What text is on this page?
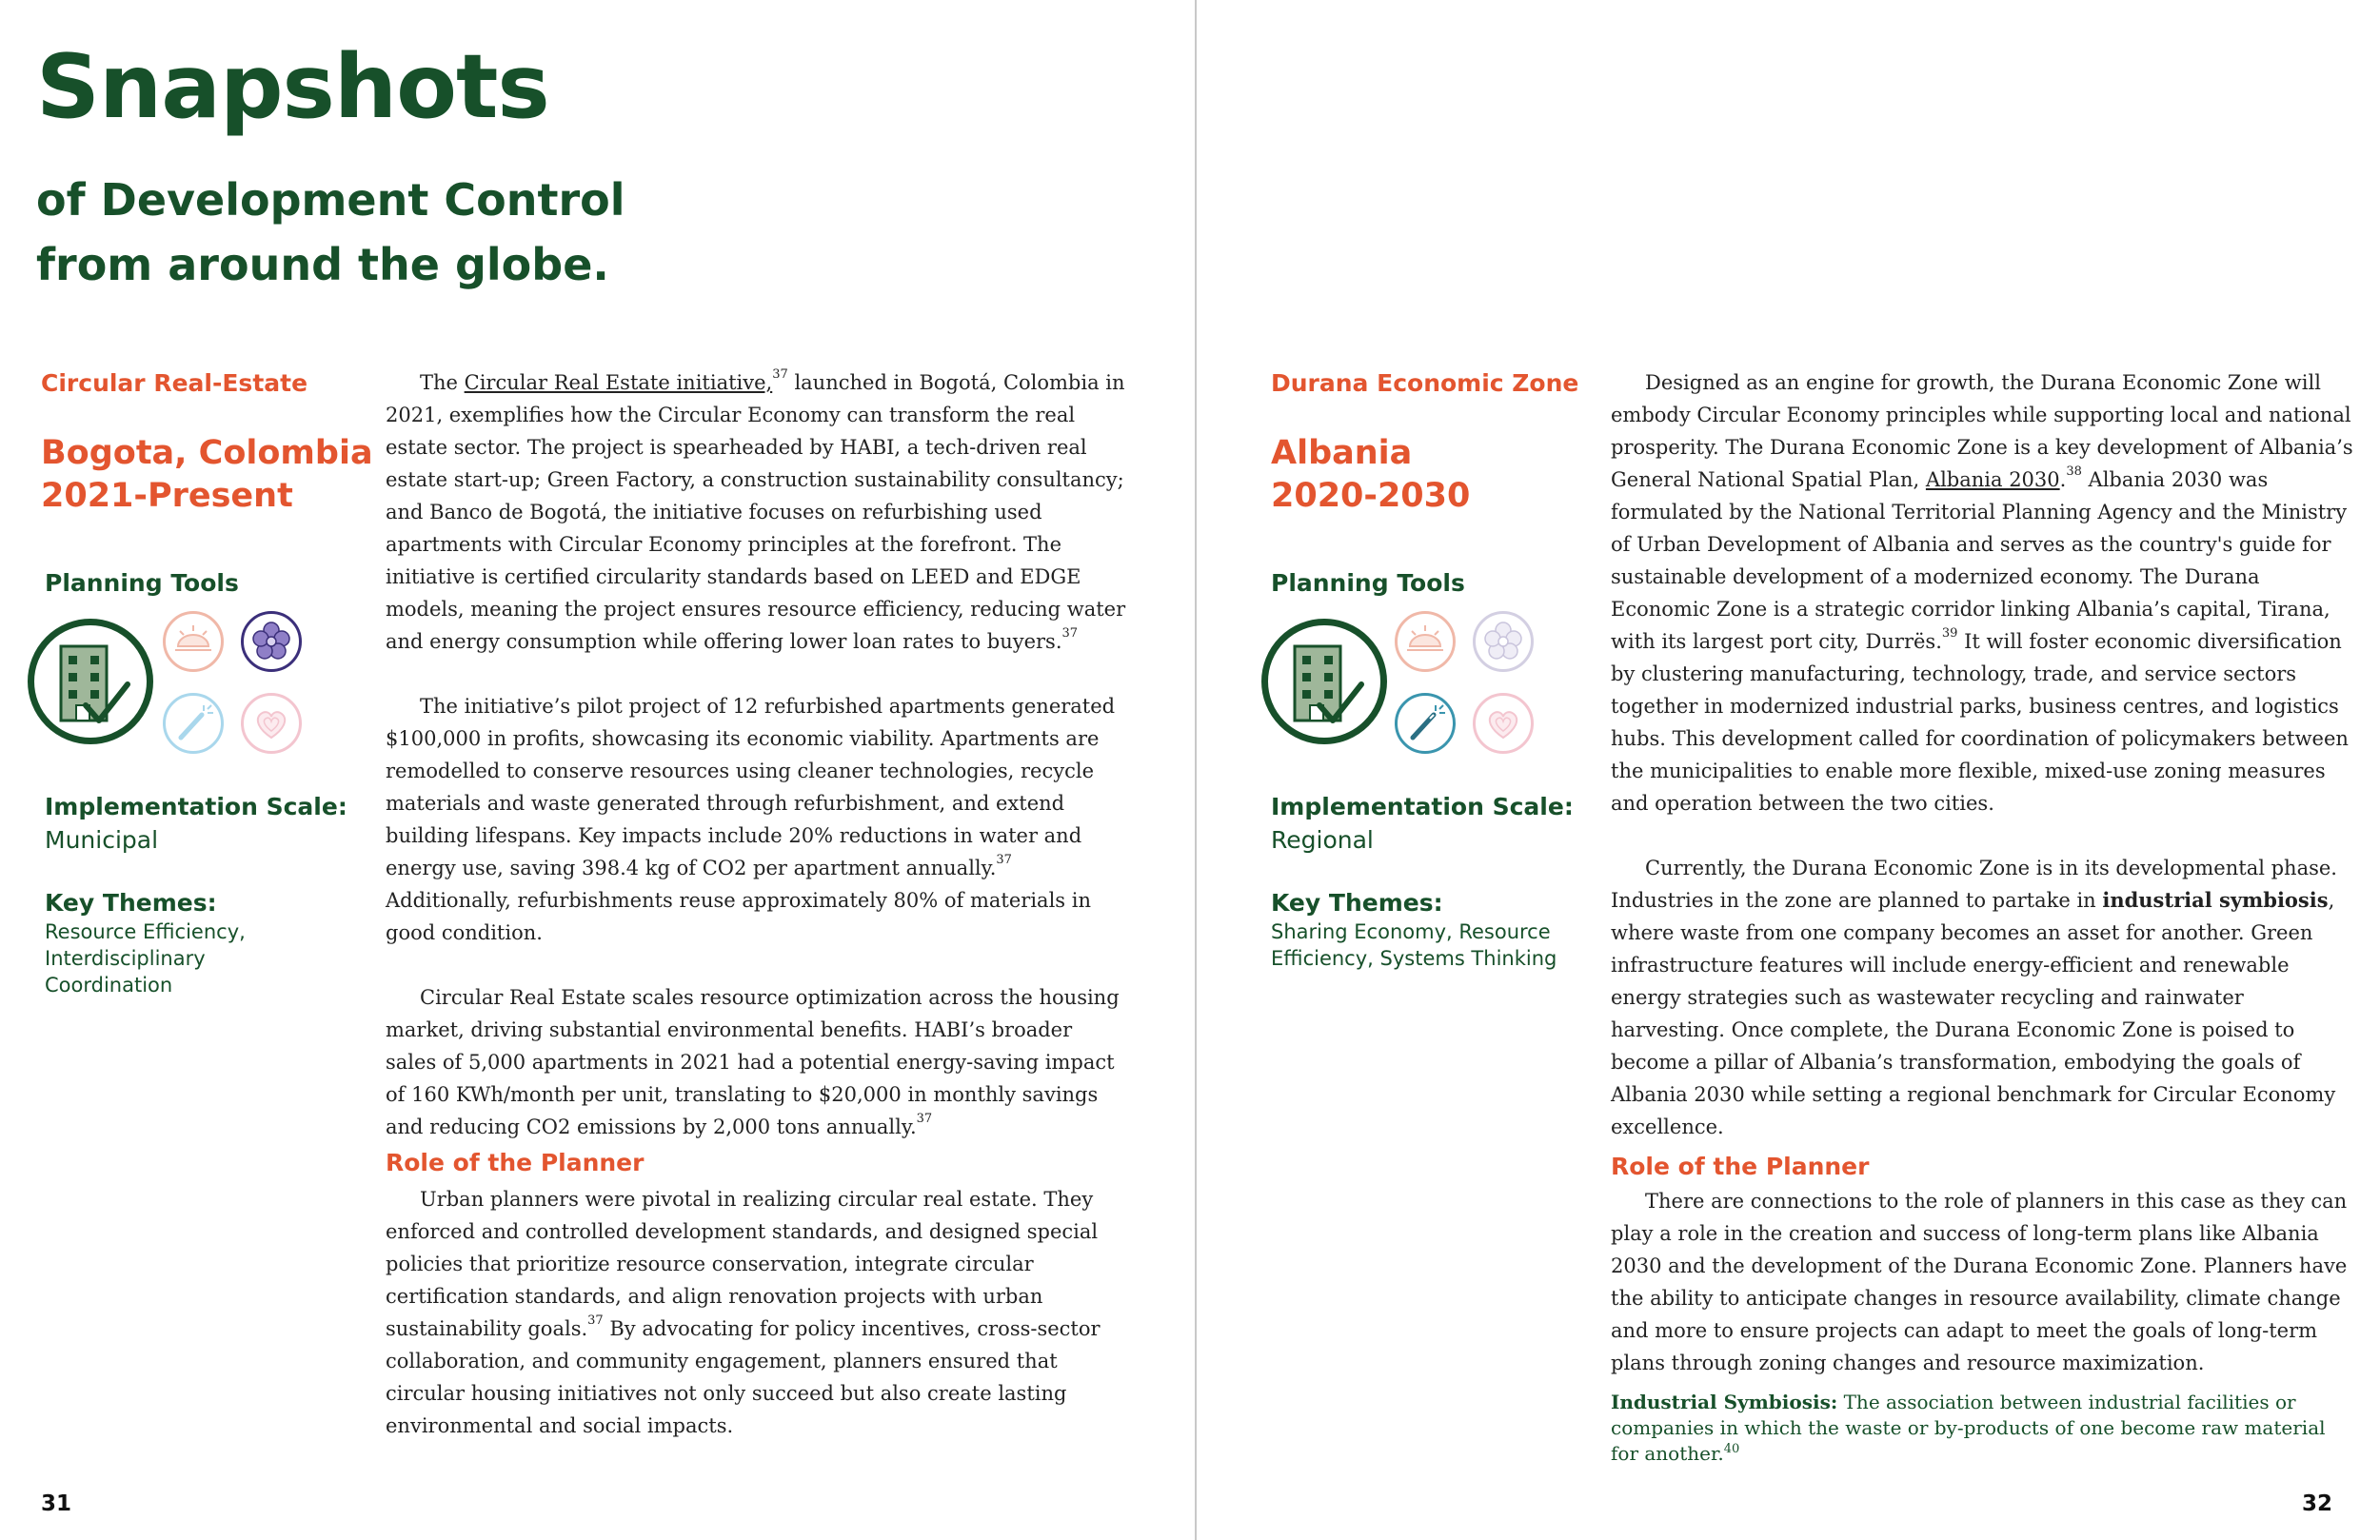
Snapshots
of Development Control
from around the globe.

Circular Real-Estate

Bogota, Colombia
2021-Present

Planning Tools

Implementation Scale:

Municipal

Key Themes:

Resource Efficiency,
Interdisciplinary
Coordination

The Circular Real Estate initiative,$^{37}$ launched in Bogotá, Colombia in 2021, exemplifies how the Circular Economy can transform the real estate sector. The project is spearheaded by HABI, a tech-driven real estate start-up; Green Factory, a construction sustainability consultancy; and Banco de Bogotá, the initiative focuses on refurbishing used apartments with Circular Economy principles at the forefront. The initiative is certified circularity standards based on LEED and EDGE models, meaning the project ensures resource efficiency, reducing water and energy consumption while offering lower loan rates to buyers.$^{37}$

The initiative’s pilot project of 12 refurbished apartments generated $100,000 in profits, showcasing its economic viability. Apartments are remodelled to conserve resources using cleaner technologies, recycle materials and waste generated through refurbishment, and extend building lifespans. Key impacts include 20% reductions in water and energy use, saving 398.4 kg of CO2 per apartment annually.$^{37}$ Additionally, refurbishments reuse approximately 80% of materials in good condition.

Circular Real Estate scales resource optimization across the housing market, driving substantial environmental benefits. HABI’s broader sales of 5,000 apartments in 2021 had a potential energy-saving impact of 160 KWh/month per unit, translating to $20,000 in monthly savings and reducing CO2 emissions by 2,000 tons annually.$^{37}$

Role of the Planner

Urban planners were pivotal in realizing circular real estate. They enforced and controlled development standards, and designed special policies that prioritize resource conservation, integrate circular certification standards, and align renovation projects with urban sustainability goals.$^{37}$ By advocating for policy incentives, cross-sector collaboration, and community engagement, planners ensured that circular housing initiatives not only succeed but also create lasting environmental and social impacts.

31

Durana Economic Zone

Albania
2020-2030

Planning Tools

Implementation Scale:

Regional

Key Themes:

Sharing Economy, Resource
Efficiency, Systems Thinking

Designed as an engine for growth, the Durana Economic Zone will embody Circular Economy principles while supporting local and national prosperity. The Durana Economic Zone is a key development of Albania’s General National Spatial Plan, Albania 2030.38 Albania 2030 was formulated by the National Territorial Planning Agency and the Ministry of Urban Development of Albania and serves as the country's guide for sustainable development of a modernized economy. The Durana Economic Zone is a strategic corridor linking Albania’s capital, Tirana, with its largest port city, Durrës.$^{39}$ It will foster economic diversification by clustering manufacturing, technology, trade, and service sectors together in modernized industrial parks, business centres, and logistics hubs. This development called for coordination of policymakers between the municipalities to enable more flexible, mixed-use zoning measures and operation between the two cities.

Currently, the Durana Economic Zone is in its developmental phase. Industries in the zone are planned to partake in industrial symbiosis, where waste from one company becomes an asset for another. Green infrastructure features will include energy-efficient and renewable energy strategies such as wastewater recycling and rainwater harvesting. Once complete, the Durana Economic Zone is poised to become a pillar of Albania’s transformation, embodying the goals of Albania 2030 while setting a regional benchmark for Circular Economy excellence.

Role of the Planner

There are connections to the role of planners in this case as they can play a role in the creation and success of long-term plans like Albania 2030 and the development of the Durana Economic Zone. Planners have the ability to anticipate changes in resource availability, climate change and more to ensure projects can adapt to meet the goals of long-term plans through zoning changes and resource maximization.

Industrial Symbiosis: The association between industrial facilities or companies in which the waste or by-products of one become raw material for another.$^{40}$

32
